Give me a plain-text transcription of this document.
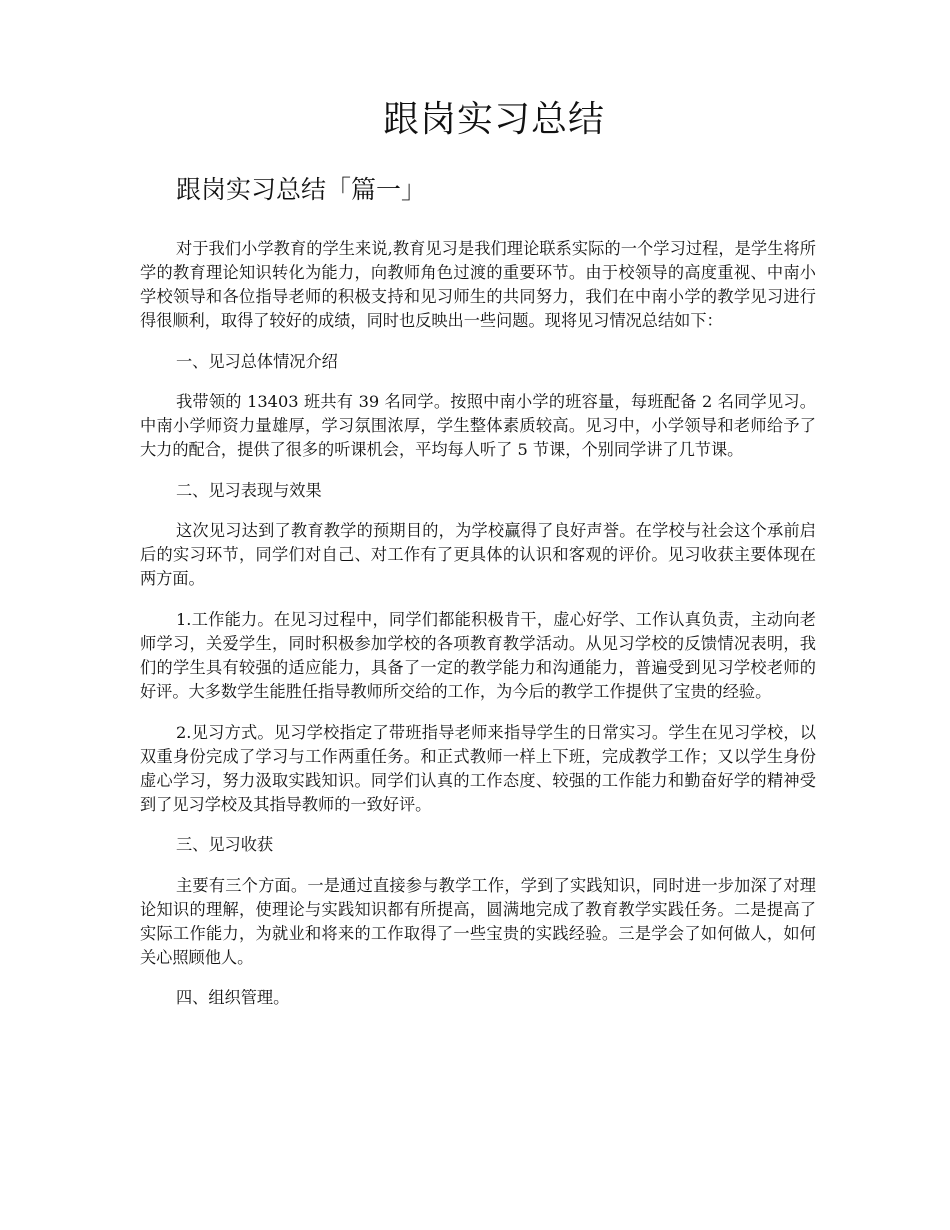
跟岗实习总结
跟岗实习总结「篇一」

对于我们小学教育的学生来说,教育见习是我们理论联系实际的一个学习过程，是学生将所学的教育理论知识转化为能力，向教师角色过渡的重要环节。由于校领导的高度重视、中南小学校领导和各位指导老师的积极支持和见习师生的共同努力，我们在中南小学的教学见习进行得很顺利，取得了较好的成绩，同时也反映出一些问题。现将见习情况总结如下：

一、见习总体情况介绍

我带领的 13403 班共有 39 名同学。按照中南小学的班容量，每班配备 2 名同学见习。中南小学师资力量雄厚，学习氛围浓厚，学生整体素质较高。见习中，小学领导和老师给予了大力的配合，提供了很多的听课机会，平均每人听了 5 节课，个别同学讲了几节课。

二、见习表现与效果

这次见习达到了教育教学的预期目的，为学校赢得了良好声誉。在学校与社会这个承前启后的实习环节，同学们对自己、对工作有了更具体的认识和客观的评价。见习收获主要体现在两方面。

1.工作能力。在见习过程中，同学们都能积极肯干，虚心好学、工作认真负责，主动向老师学习，关爱学生，同时积极参加学校的各项教育教学活动。从见习学校的反馈情况表明，我们的学生具有较强的适应能力，具备了一定的教学能力和沟通能力，普遍受到见习学校老师的好评。大多数学生能胜任指导教师所交给的工作，为今后的教学工作提供了宝贵的经验。

2.见习方式。见习学校指定了带班指导老师来指导学生的日常实习。学生在见习学校，以双重身份完成了学习与工作两重任务。和正式教师一样上下班，完成教学工作；又以学生身份虚心学习，努力汲取实践知识。同学们认真的工作态度、较强的工作能力和勤奋好学的精神受到了见习学校及其指导教师的一致好评。

三、见习收获

主要有三个方面。一是通过直接参与教学工作，学到了实践知识，同时进一步加深了对理论知识的理解，使理论与实践知识都有所提高，圆满地完成了教育教学实践任务。二是提高了实际工作能力，为就业和将来的工作取得了一些宝贵的实践经验。三是学会了如何做人，如何关心照顾他人。

四、组织管理。
